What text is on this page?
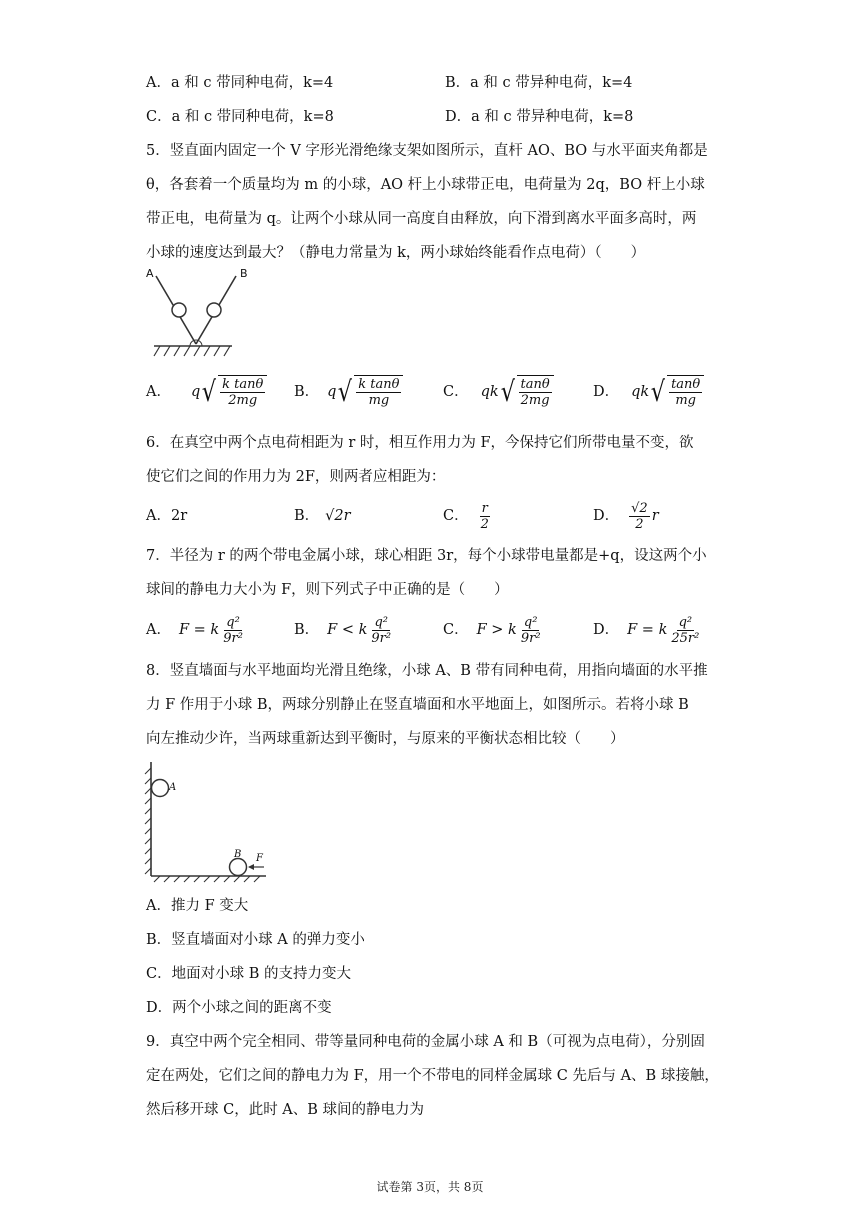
A．a 和 c 带同种电荷，k=4	B．a 和 c 带异种电荷，k=4
C．a 和 c 带同种电荷，k=8	D．a 和 c 带异种电荷，k=8
5．竖直面内固定一个 V 字形光滑绝缘支架如图所示，直杆 AO、BO 与水平面夹角都是
θ，各套着一个质量均为 m 的小球，AO 杆上小球带正电，电荷量为 2q，BO 杆上小球
带正电，电荷量为 q。让两个小球从同一高度自由释放，向下滑到离水平面多高时，两
小球的速度达到最大？（静电力常量为 k，两小球始终能看作点电荷）（　　）
A	B
A． q √ $\frac{\text{k tanθ}}{2mg}$ B． q √ $\frac{\text{k tanθ}}{mg}$	C． qk √ $\frac{\tan\theta}{2mg}$	D． qk √ $\frac{\tan\theta}{mg}$
6．在真空中两个点电荷相距为 r 时，相互作用力为 F，今保持它们所带电量不变，欲
使它们之间的作用力为 2F，则两者应相距为：
A．2r	B． √2r	C． $\frac{r}{2}$	D． $\frac{√2}{2}$ r
7．半径为 r 的两个带电金属小球，球心相距 3r，每个小球带电量都是+q，设这两个小
球间的静电力大小为 F，则下列式子中正确的是（　　）
A． F = k $\frac{\text{q²}}{\text{9r²}}$	B． F < k $\frac{\text{q²}}{\text{9r²}}$	C． F > k $\frac{\text{q²}}{\text{9r²}}$	D． F = k $\frac{\text{q²}}{\text{25r²}}$
8．竖直墙面与水平地面均光滑且绝缘，小球 A、B 带有同种电荷，用指向墙面的水平推
力 F 作用于小球 B，两球分别静止在竖直墙面和水平地面上，如图所示。若将小球 B
向左推动少许，当两球重新达到平衡时，与原来的平衡状态相比较（　　）
A
B F
A．推力 F 变大
B．竖直墙面对小球 A 的弹力变小
C．地面对小球 B 的支持力变大
D．两个小球之间的距离不变
9．真空中两个完全相同、带等量同种电荷的金属小球 A 和 B（可视为点电荷），分别固
定在两处，它们之间的静电力为 F，用一个不带电的同样金属球 C 先后与 A、B 球接触，
然后移开球 C，此时 A、B 球间的静电力为
试卷第 3页，共 8页
